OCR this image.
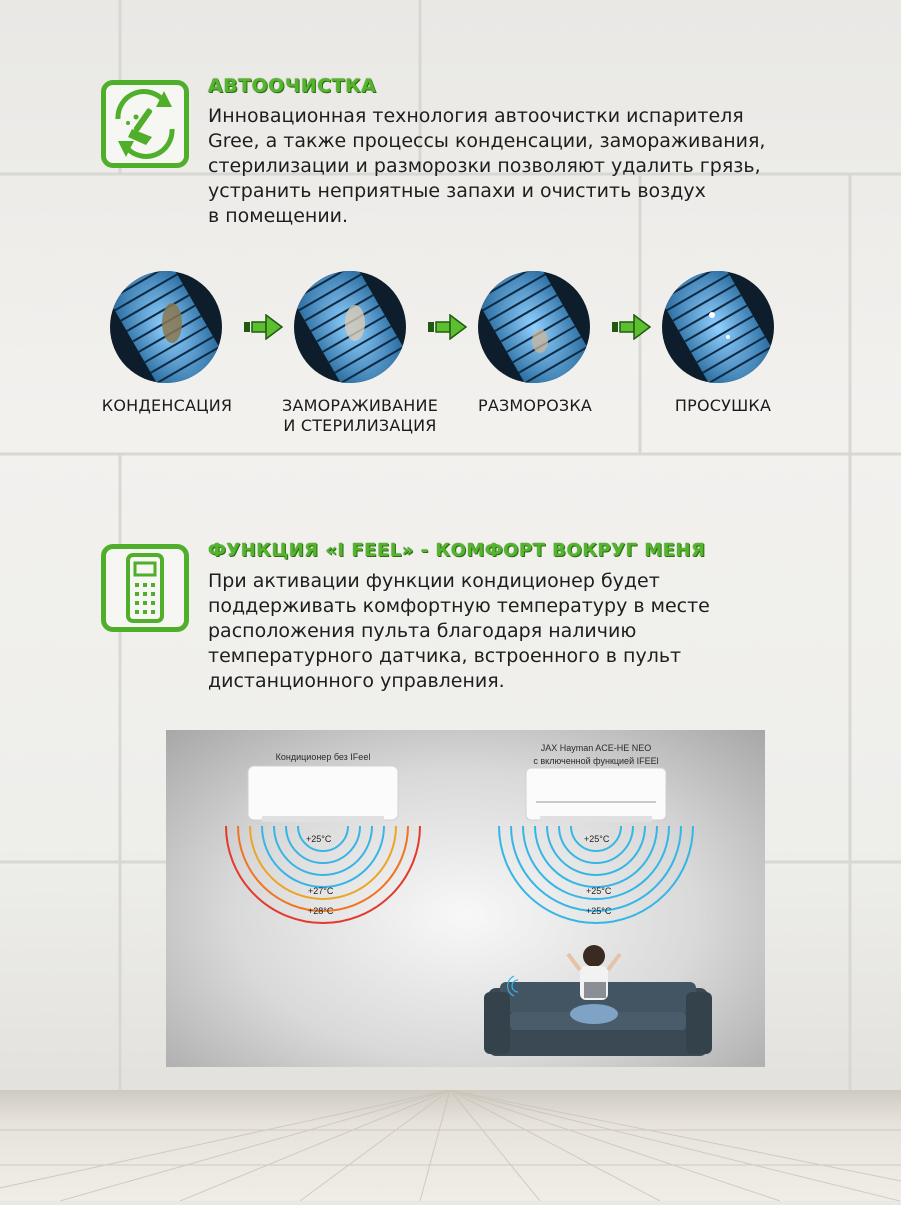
АВТООЧИСТКА
Инновационная технология автоочистки испарителя
Gree, а также процессы конденсации, замораживания,
стерилизации и разморозки позволяют удалить грязь,
устранить неприятные запахи и очистить воздух
в помещении.
КОНДЕНСАЦИЯ	ЗАМОРАЖИВАНИЕ
И СТЕРИЛИЗАЦИЯ
РАЗМОРОЗКА	ПРОСУШКА
ФУНКЦИЯ «I FEEL» - КОМФОРТ ВОКРУГ МЕНЯ
При активации функции кондиционер будет
поддерживать комфортную температуру в месте
расположения пульта благодаря наличию
температурного датчика, встроенного в пульт
дистанционного управления.
Кондиционер без IFeel
+25°C
+27°C
+28°C
JAX Hayman ACE-HE NEO
с включенной функцией IFEEl
+25°C
+25°C
+25°C
